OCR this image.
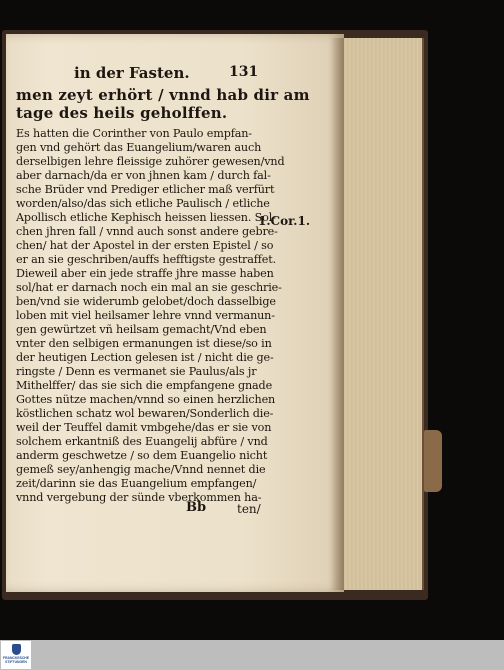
in der Fasten.	131
men zeyt erhört / vnnd hab dir am
tage des heils geholffen.
Es hatten die Corinther von Paulo empfan-
gen vnd gehört das Euangelium/waren auch
derselbigen lehre fleissige zuhörer gewesen/vnd
aber darnach/da er von jhnen kam / durch fal-
sche Brüder vnd Prediger etlicher maß verfürt
worden/also/das sich etliche Paulisch / etliche
Apollisch etliche Kephisch heissen liessen. Sol-
chen jhren fall / vnnd auch sonst andere gebre-
chen/ hat der Apostel in der ersten Epistel / so
er an sie geschriben/auffs hefftigste gestraffet.
Dieweil aber ein jede straffe jhre masse haben
sol/hat er darnach noch ein mal an sie geschrie-
ben/vnd sie widerumb gelobet/doch dasselbige
loben mit viel heilsamer lehre vnnd vermanun-
gen gewürtzet vñ heilsam gemacht/Vnd eben
vnter den selbigen ermanungen ist diese/so in
der heutigen Lection gelesen ist / nicht die ge-
ringste / Denn es vermanet sie Paulus/als jr
Mithelffer/ das sie sich die empfangene gnade
Gottes nütze machen/vnnd so einen herzlichen
köstlichen schatz wol bewaren/Sonderlich die-
weil der Teuffel damit vmbgehe/das er sie von
solchem erkantniß des Euangelij abfüre / vnd
anderm geschwetze / so dem Euangelio nicht
gemeß sey/anhengig mache/Vnnd nennet die
zeit/darinn sie das Euangelium empfangen/
vnnd vergebung der sünde vberkommen ha-
1.Cor.1.
Bb	ten/
FRANCKESCHE
STIFTUNGEN
